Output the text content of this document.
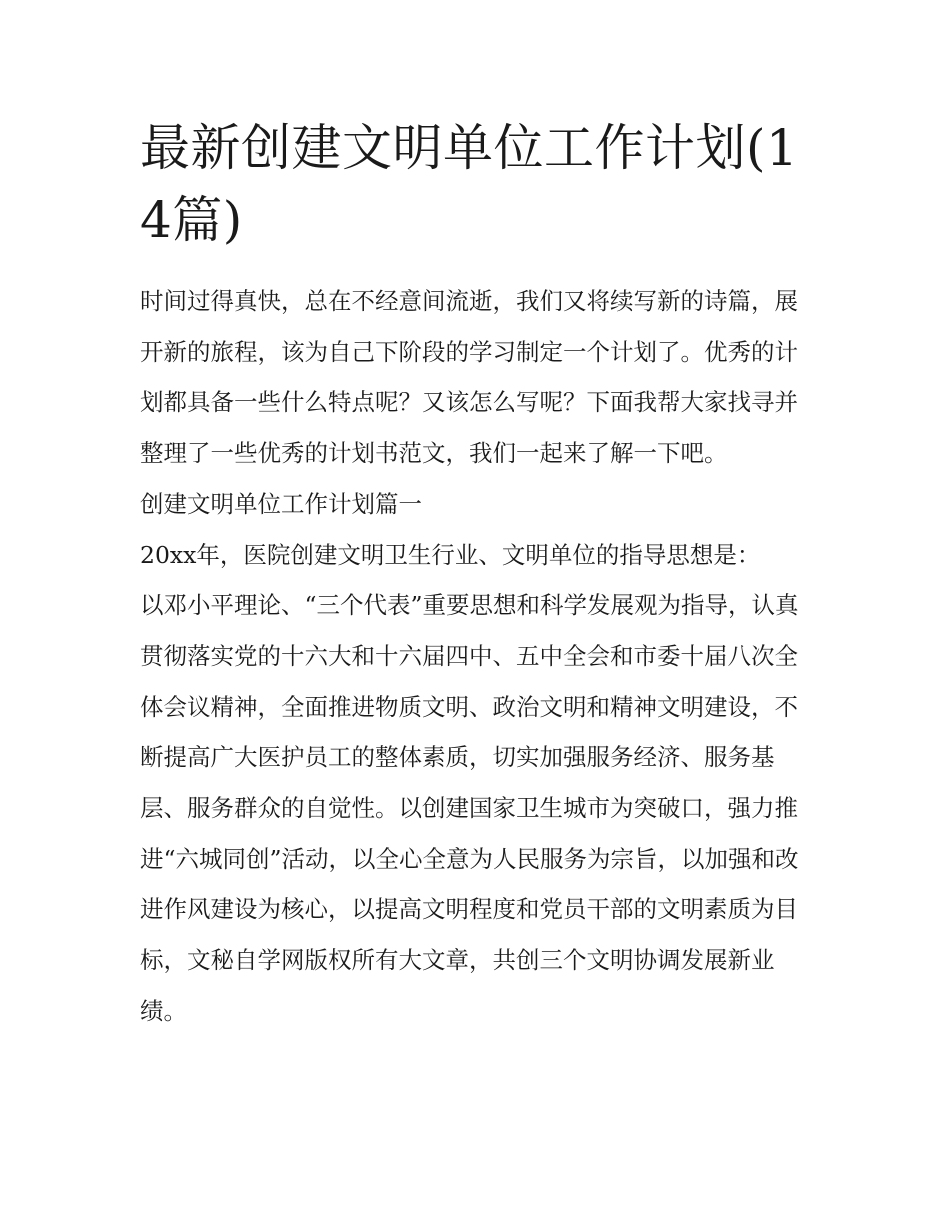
最新创建文明单位工作计划(14篇)

时间过得真快，总在不经意间流逝，我们又将续写新的诗篇，展开新的旅程，该为自己下阶段的学习制定一个计划了。优秀的计划都具备一些什么特点呢？又该怎么写呢？下面我帮大家找寻并整理了一些优秀的计划书范文，我们一起来了解一下吧。

创建文明单位工作计划篇一

20xx年，医院创建文明卫生行业、文明单位的指导思想是：

以邓小平理论、“三个代表”重要思想和科学发展观为指导，认真贯彻落实党的十六大和十六届四中、五中全会和市委十届八次全体会议精神，全面推进物质文明、政治文明和精神文明建设，不断提高广大医护员工的整体素质，切实加强服务经济、服务基层、服务群众的自觉性。以创建国家卫生城市为突破口，强力推进“六城同创”活动，以全心全意为人民服务为宗旨，以加强和改进作风建设为核心，以提高文明程度和党员干部的文明素质为目标，文秘自学网版权所有大文章，共创三个文明协调发展新业绩。
